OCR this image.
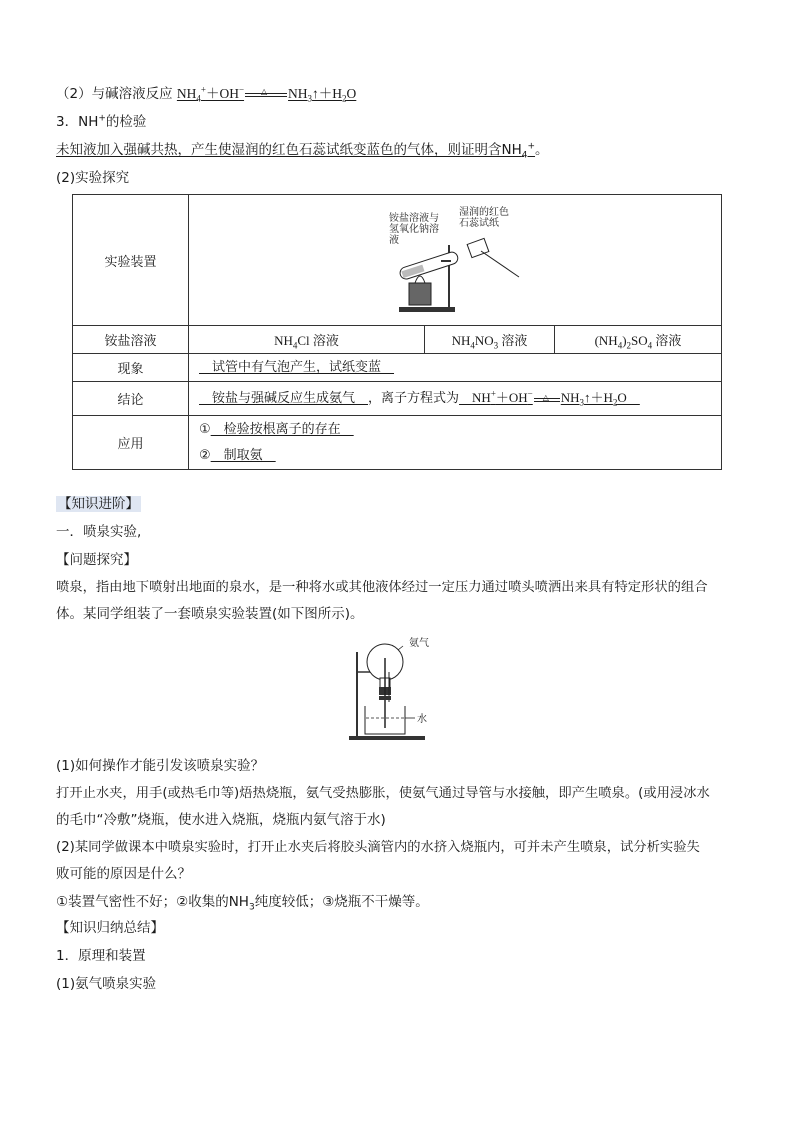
（2）与碱溶液反应 $NH_4^++OH^-$ △ $NH_3↑+H_2O$
3．NH+的检验
未知液加入强碱共热，产生使湿润的红色石蕊试纸变蓝色的气体，则证明含$NH_4^+$。
(2)实验探究
实验装置	铵盐溶液与
氢氧化钠溶
液
湿润的红色
石蕊试纸		

铵盐溶液	$NH_4Cl$ 溶液	$NH_4NO_3$ 溶液	$(NH_4)_2SO_4$ 溶液
现象	　试管中有气泡产生，试纸变蓝　		

结论	　铵盐与强碱反应生成氨气　，离子方程式为　NH+＋OH− △ $NH_3↑+H_2O$　		

应用	①　检验按根离子的存在　
②　制取氨　		
【知识进阶】
一．喷泉实验,
【问题探究】
喷泉，指由地下喷射出地面的泉水，是一种将水或其他液体经过一定压力通过喷头喷洒出来具有特定形状的组合
体。某同学组装了一套喷泉实验装置(如下图所示)。
氨气
水
(1)如何操作才能引发该喷泉实验？
打开止水夹，用手(或热毛巾等)焐热烧瓶，氨气受热膨胀，使氨气通过导管与水接触，即产生喷泉。(或用浸冰水
的毛巾“冷敷”烧瓶，使水进入烧瓶，烧瓶内氨气溶于水)
(2)某同学做课本中喷泉实验时，打开止水夹后将胶头滴管内的水挤入烧瓶内，可并未产生喷泉，试分析实验失
败可能的原因是什么？
①装置气密性不好；②收集的$NH_3$纯度较低；③烧瓶不干燥等。
【知识归纳总结】
1．原理和装置
(1)氨气喷泉实验
